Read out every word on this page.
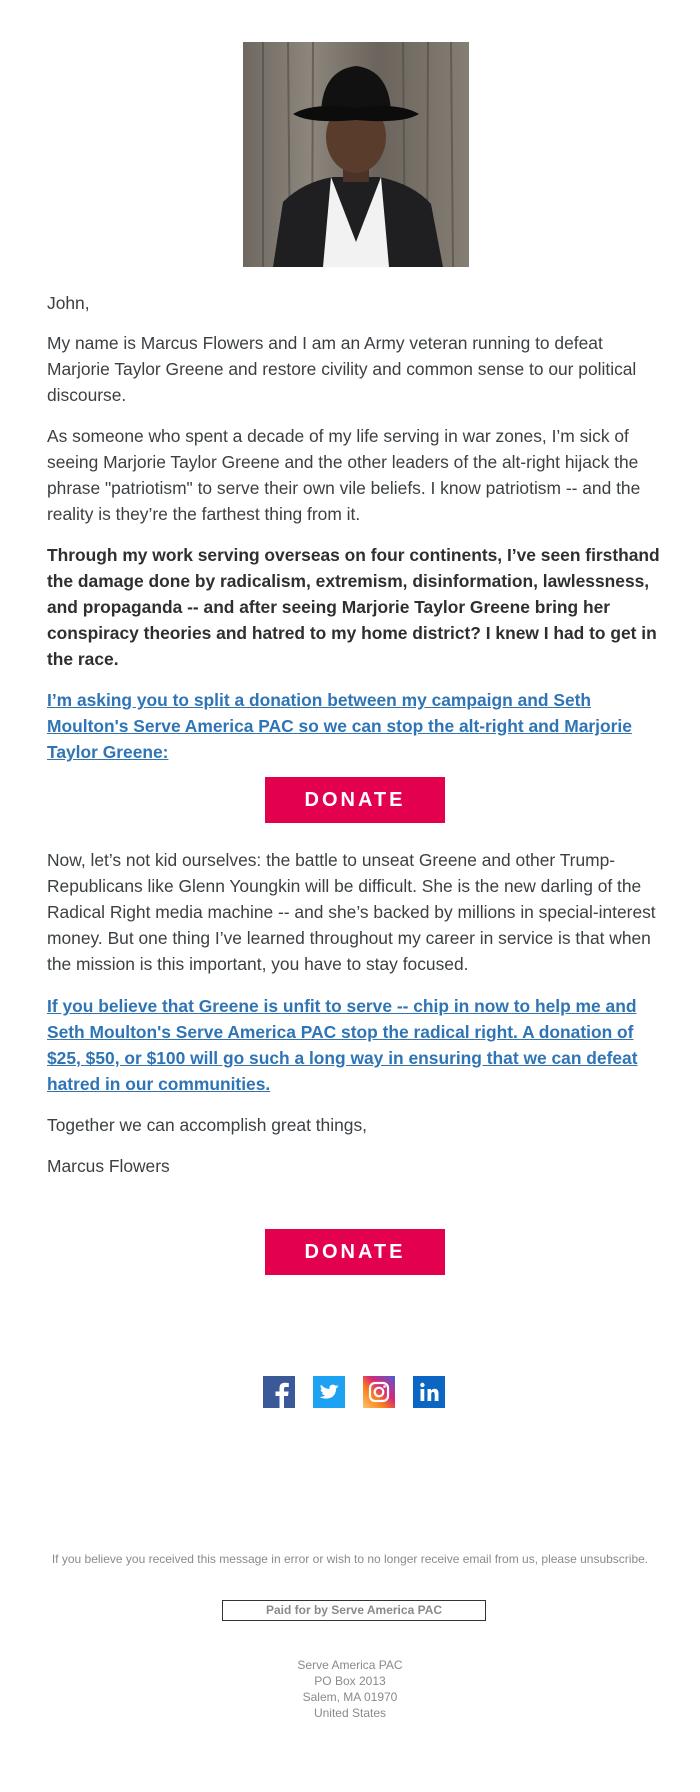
John,

My name is Marcus Flowers and I am an Army veteran running to defeat Marjorie Taylor Greene and restore civility and common sense to our political discourse.

As someone who spent a decade of my life serving in war zones, I’m sick of seeing Marjorie Taylor Greene and the other leaders of the alt-right hijack the phrase "patriotism" to serve their own vile beliefs. I know patriotism -- and the reality is they’re the farthest thing from it.

Through my work serving overseas on four continents, I’ve seen firsthand the damage done by radicalism, extremism, disinformation, lawlessness, and propaganda -- and after seeing Marjorie Taylor Greene bring her conspiracy theories and hatred to my home district? I knew I had to get in the race.

I’m asking you to split a donation between my campaign and Seth Moulton's Serve America PAC so we can stop the alt-right and Marjorie Taylor Greene:

DONATE

Now, let’s not kid ourselves: the battle to unseat Greene and other Trump-Republicans like Glenn Youngkin will be difficult. She is the new darling of the Radical Right media machine -- and she’s backed by millions in special-interest money. But one thing I’ve learned throughout my career in service is that when the mission is this important, you have to stay focused.

If you believe that Greene is unfit to serve -- chip in now to help me and Seth Moulton's Serve America PAC stop the radical right. A donation of $25, $50, or $100 will go such a long way in ensuring that we can defeat hatred in our communities.

Together we can accomplish great things,

Marcus Flowers

DONATE
If you believe you received this message in error or wish to no longer receive email from us, please unsubscribe.
Paid for by Serve America PAC
Serve America PAC
PO Box 2013
Salem, MA 01970
United States
